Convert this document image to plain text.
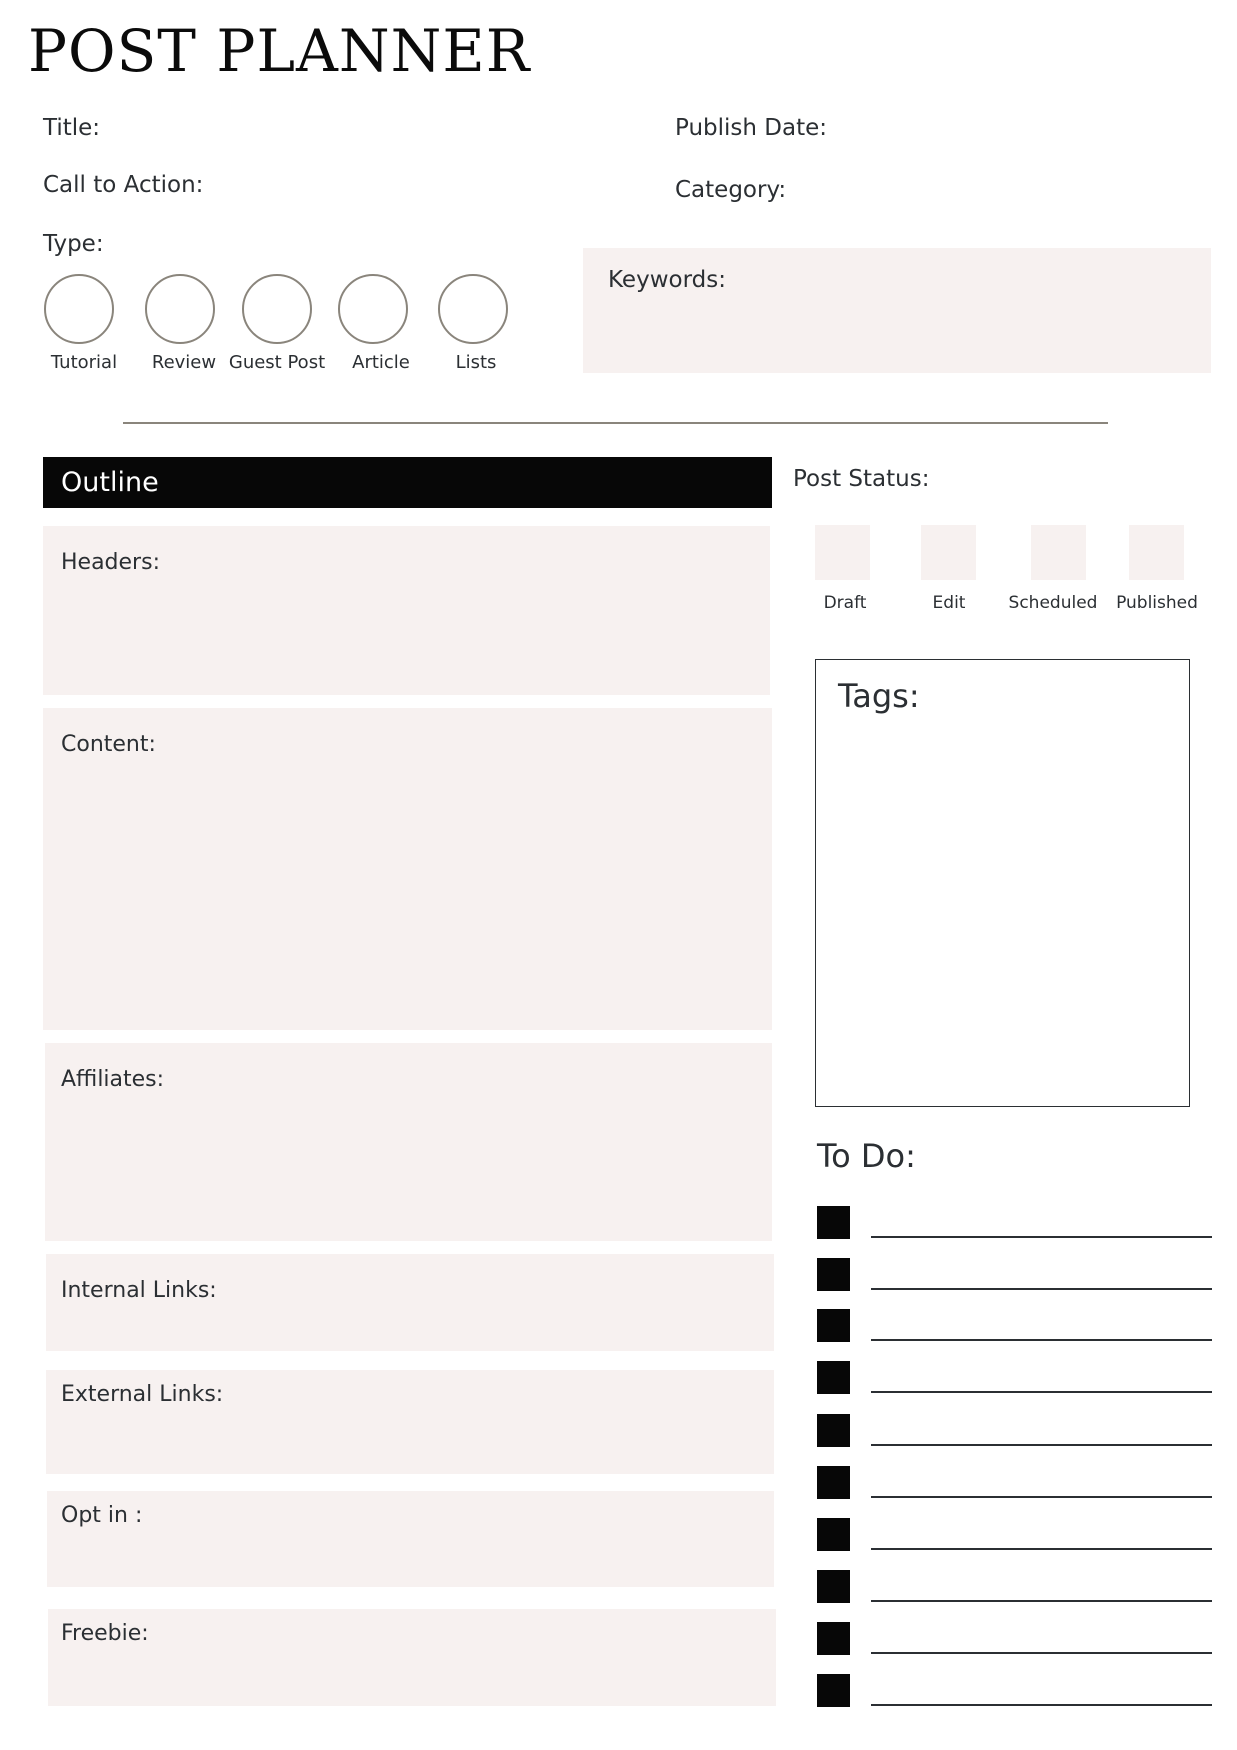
POST PLANNER
Title:	Publish Date:
Call to Action:	Category:
Type:
Tutorial Review Guest Post Article	Lists
Keywords:
Outline
Headers:
Content:
Affiliates:
Internal Links:
External Links:
Opt in :
Freebie:
Post Status:
Draft	Edit	Scheduled Published
Tags:
To Do:
